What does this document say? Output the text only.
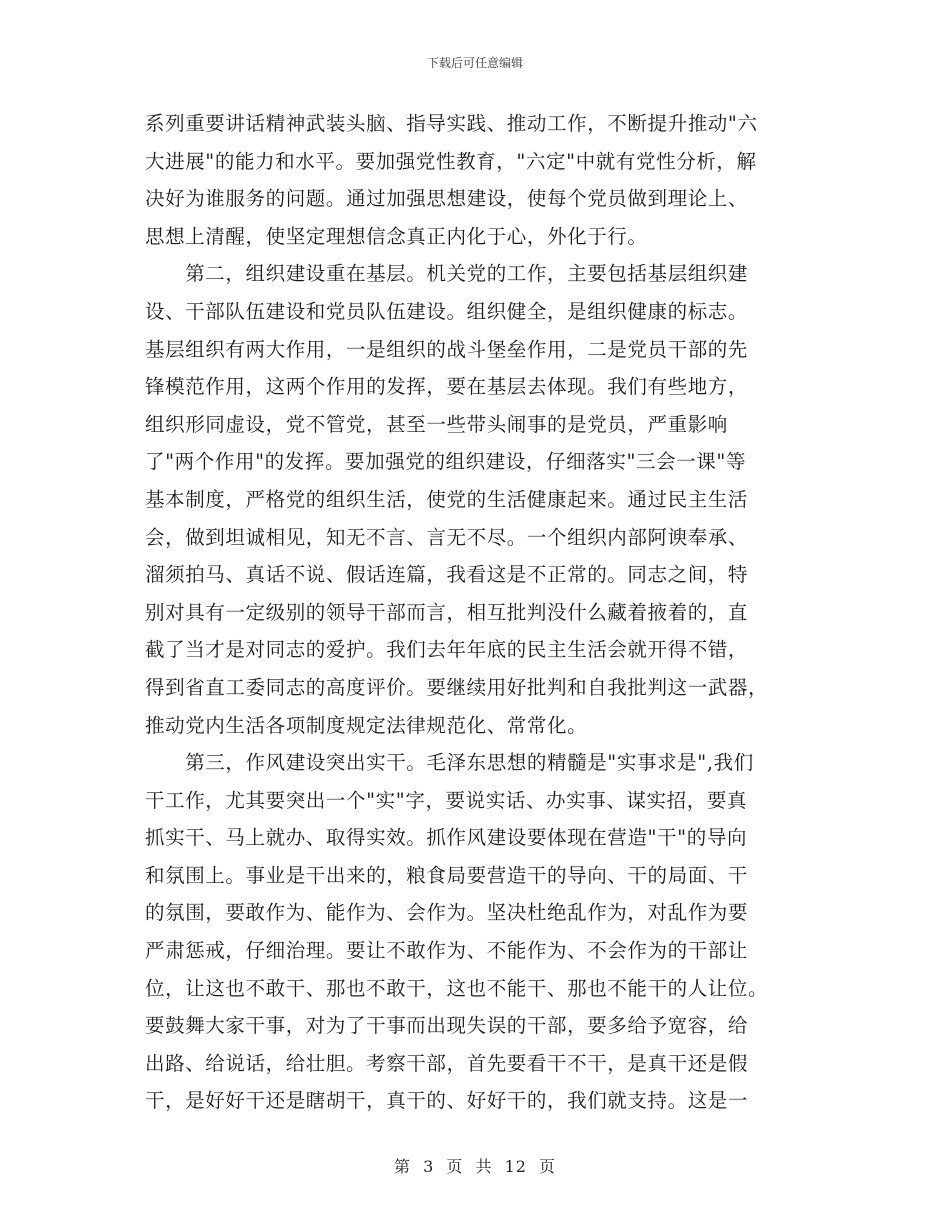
下载后可任意编辑
系列重要讲话精神武装头脑、指导实践、推动工作，不断提升推动"六
大进展"的能力和水平。要加强党性教育，"六定"中就有党性分析，解
决好为谁服务的问题。通过加强思想建设，使每个党员做到理论上、
思想上清醒，使坚定理想信念真正内化于心，外化于行。
　　第二，组织建设重在基层。机关党的工作，主要包括基层组织建
设、干部队伍建设和党员队伍建设。组织健全，是组织健康的标志。
基层组织有两大作用，一是组织的战斗堡垒作用，二是党员干部的先
锋模范作用，这两个作用的发挥，要在基层去体现。我们有些地方，
组织形同虚设，党不管党，甚至一些带头闹事的是党员，严重影响
了"两个作用"的发挥。要加强党的组织建设，仔细落实"三会一课"等
基本制度，严格党的组织生活，使党的生活健康起来。通过民主生活
会，做到坦诚相见，知无不言、言无不尽。一个组织内部阿谀奉承、
溜须拍马、真话不说、假话连篇，我看这是不正常的。同志之间，特
别对具有一定级别的领导干部而言，相互批判没什么藏着掖着的，直
截了当才是对同志的爱护。我们去年年底的民主生活会就开得不错，
得到省直工委同志的高度评价。要继续用好批判和自我批判这一武器，
推动党内生活各项制度规定法律规范化、常常化。
　　第三，作风建设突出实干。毛泽东思想的精髓是"实事求是",我们
干工作，尤其要突出一个"实"字，要说实话、办实事、谋实招，要真
抓实干、马上就办、取得实效。抓作风建设要体现在营造"干"的导向
和氛围上。事业是干出来的，粮食局要营造干的导向、干的局面、干
的氛围，要敢作为、能作为、会作为。坚决杜绝乱作为，对乱作为要
严肃惩戒，仔细治理。要让不敢作为、不能作为、不会作为的干部让
位，让这也不敢干、那也不敢干，这也不能干、那也不能干的人让位。
要鼓舞大家干事，对为了干事而出现失误的干部，要多给予宽容，给
出路、给说话，给壮胆。考察干部，首先要看干不干，是真干还是假
干，是好好干还是瞎胡干，真干的、好好干的，我们就支持。这是一
第 3 页 共 12 页
